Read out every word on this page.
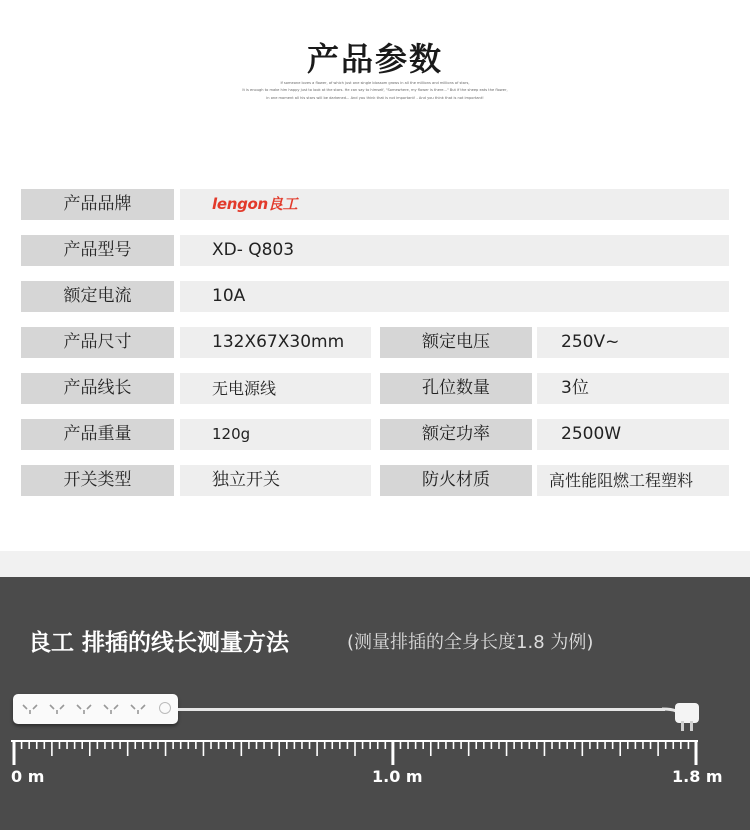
产品参数
If someone loves a flower, of which just one single blossom grows in all the millions and millions of stars,
It is enough to make him happy just to look at the stars. He can say to himself, "Somewhere, my flower is there..." But if the sheep eats the flower,
in one moment all his stars will be darkened... And you think that is not important! - And you think that is not important!
产品品牌	lengon良工
产品型号	XD- Q803
额定电流	10A
产品尺寸	132X67X30mm	额定电压	250V~
产品线长	无电源线	孔位数量	3位
产品重量	120g	额定功率	2500W
开关类型	独立开关	防火材质	高性能阻燃工程塑料
良工 排插的线长测量方法	(测量排插的全身长度1.8 为例)
0 m	1.0 m	1.8 m
